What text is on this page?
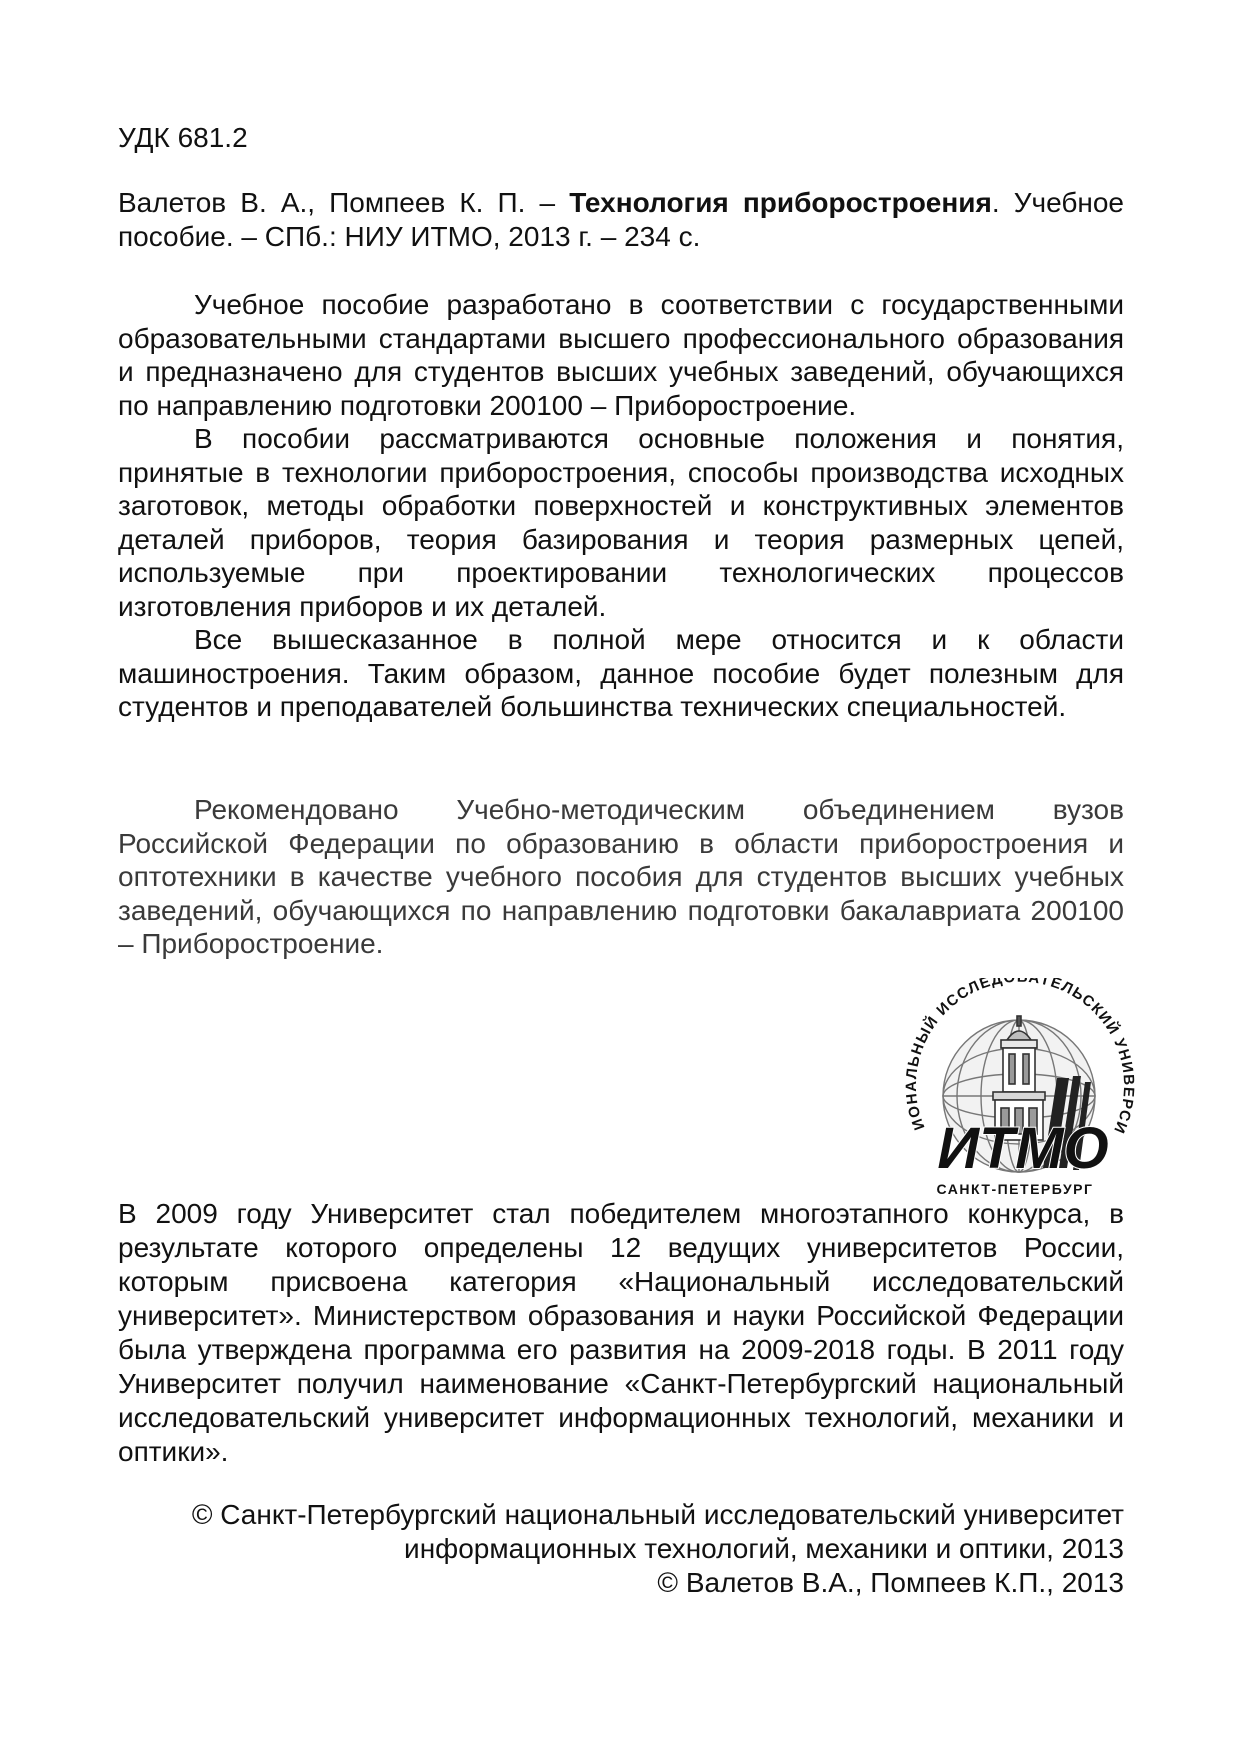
УДК 681.2

Валетов В. А., Помпеев К. П. – Технология приборостроения. Учебное пособие. – СПб.: НИУ ИТМО, 2013 г. – 234 с.

Учебное пособие разработано в соответствии с государственными образовательными стандартами высшего профессионального образования и предназначено для студентов высших учебных заведений, обучающихся по направлению подготовки 200100 – Приборостроение.

В пособии рассматриваются основные положения и понятия, принятые в технологии приборостроения, способы производства исходных заготовок, методы обработки поверхностей и конструктивных элементов деталей приборов, теория базирования и теория размерных цепей, используемые при проектировании технологических процессов изготовления приборов и их деталей.

Все вышесказанное в полной мере относится и к области машиностроения. Таким образом, данное пособие будет полезным для студентов и преподавателей большинства технических специальностей.

Рекомендовано Учебно-методическим объединением вузов Российской Федерации по образованию в области приборостроения и оптотехники в качестве учебного пособия для студентов высших учебных заведений, обучающихся по направлению подготовки бакалавриата 200100 – Приборостроение.

ИОНАЛЬНЫЙ ИССЛЕД АТЕЛЬСКИЙ УНИВЕРСИ
ИТМО
САНКТ-ПЕТЕРБУРГ

В 2009 году Университет стал победителем многоэтапного конкурса, в результате которого определены 12 ведущих университетов России, которым присвоена категория «Национальный исследовательский университет». Министерством образования и науки Российской Федерации была утверждена программа его развития на 2009-2018 годы. В 2011 году Университет получил наименование «Санкт-Петербургский национальный исследовательский университет информационных технологий, механики и оптики».

© Санкт-Петербургский национальный исследовательский университет
информационных технологий, механики и оптики, 2013
© Валетов В.А., Помпеев К.П., 2013
